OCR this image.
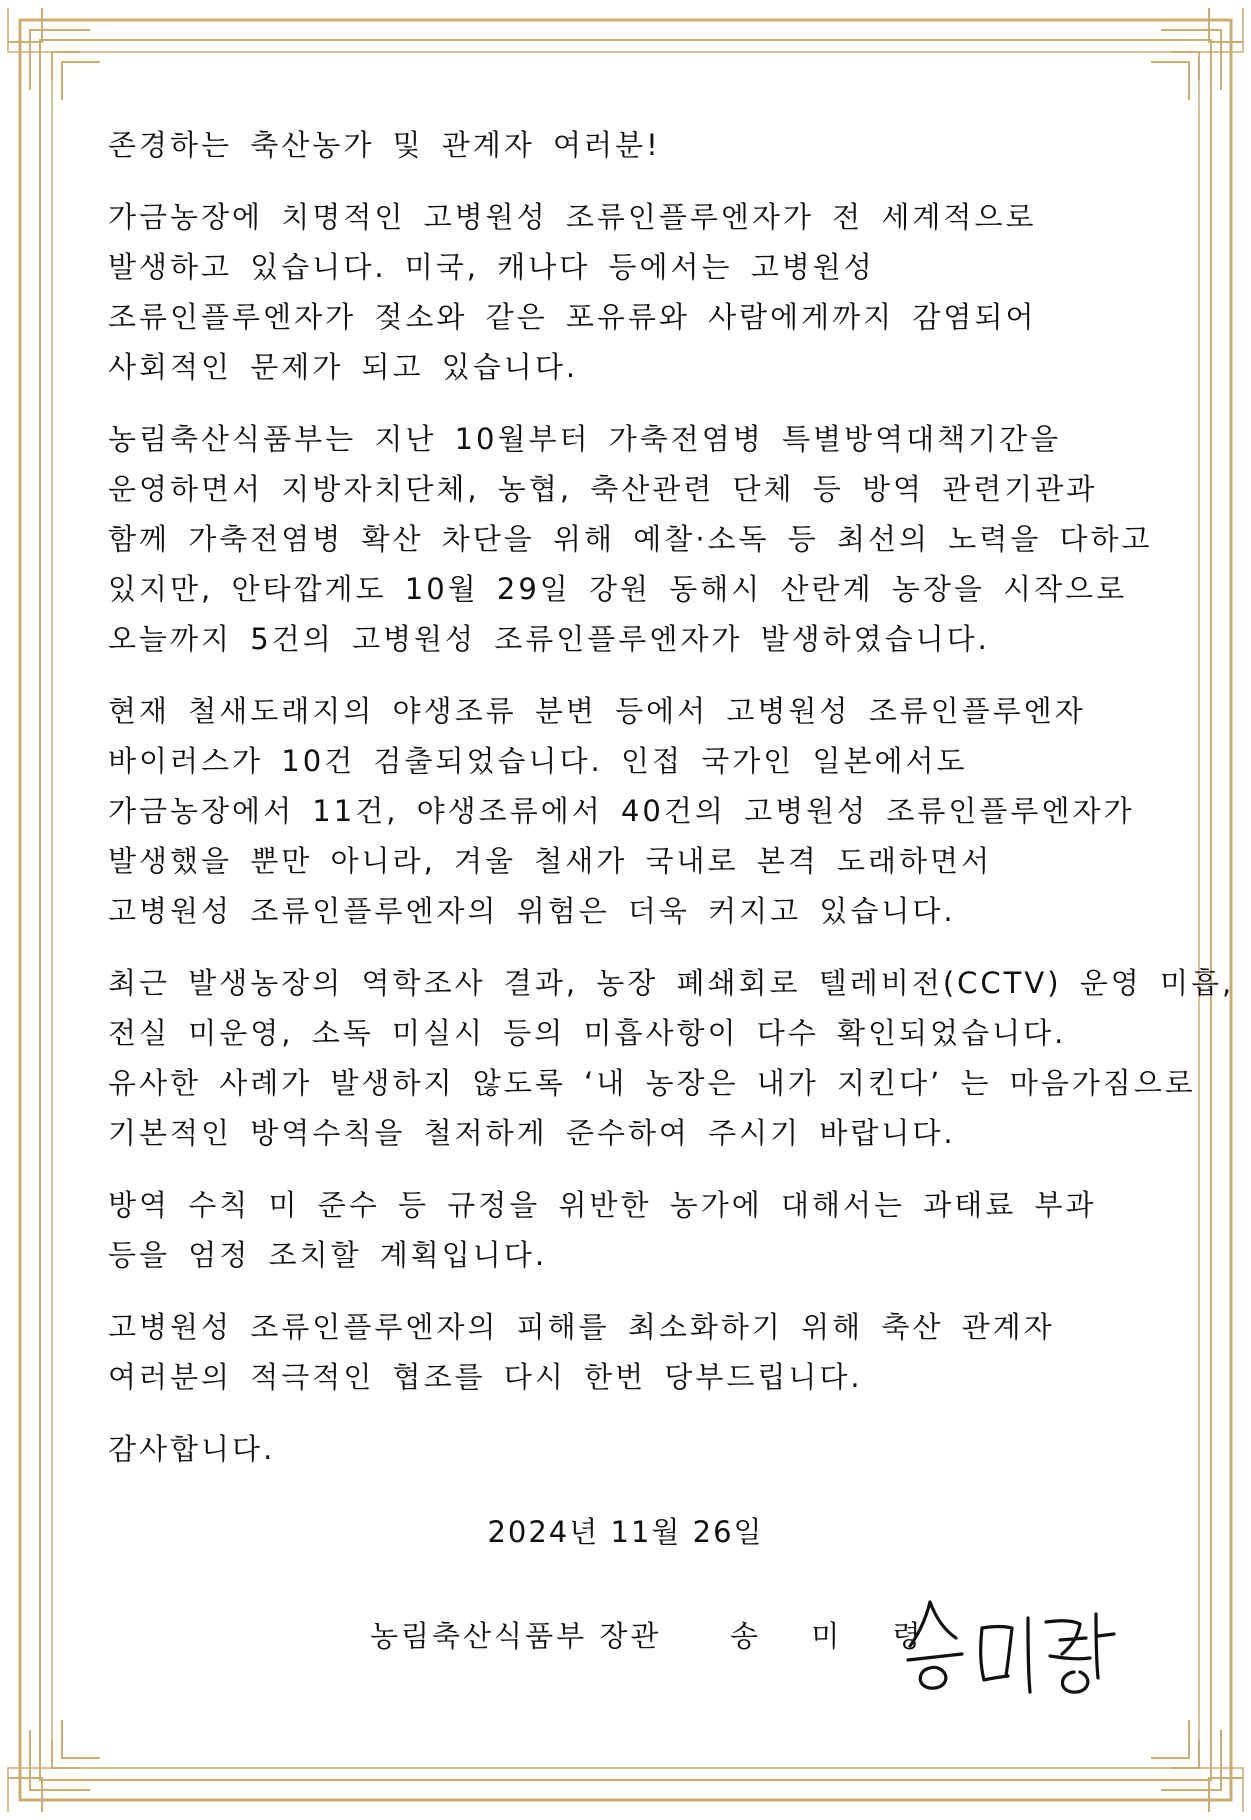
존경하는 축산농가 및 관계자 여러분!

가금농장에 치명적인 고병원성 조류인플루엔자가 전 세계적으로
발생하고 있습니다. 미국, 캐나다 등에서는 고병원성
조류인플루엔자가 젖소와 같은 포유류와 사람에게까지 감염되어
사회적인 문제가 되고 있습니다.

농림축산식품부는 지난 10월부터 가축전염병 특별방역대책기간을
운영하면서 지방자치단체, 농협, 축산관련 단체 등 방역 관련기관과
함께 가축전염병 확산 차단을 위해 예찰·소독 등 최선의 노력을 다하고
있지만, 안타깝게도 10월 29일 강원 동해시 산란계 농장을 시작으로
오늘까지 5건의 고병원성 조류인플루엔자가 발생하였습니다.

현재 철새도래지의 야생조류 분변 등에서 고병원성 조류인플루엔자
바이러스가 10건 검출되었습니다. 인접 국가인 일본에서도
가금농장에서 11건, 야생조류에서 40건의 고병원성 조류인플루엔자가
발생했을 뿐만 아니라, 겨울 철새가 국내로 본격 도래하면서
고병원성 조류인플루엔자의 위험은 더욱 커지고 있습니다.

최근 발생농장의 역학조사 결과, 농장 폐쇄회로 텔레비전(CCTV) 운영 미흡,
전실 미운영, 소독 미실시 등의 미흡사항이 다수 확인되었습니다.
유사한 사례가 발생하지 않도록 ‘내 농장은 내가 지킨다’ 는 마음가짐으로
기본적인 방역수칙을 철저하게 준수하여 주시기 바랍니다.

방역 수칙 미 준수 등 규정을 위반한 농가에 대해서는 과태료 부과
등을 엄정 조치할 계획입니다.

고병원성 조류인플루엔자의 피해를 최소화하기 위해 축산 관계자
여러분의 적극적인 협조를 다시 한번 당부드립니다.

감사합니다.

2024년 11월 26일
농림축산식품부 장관 송 미 령
